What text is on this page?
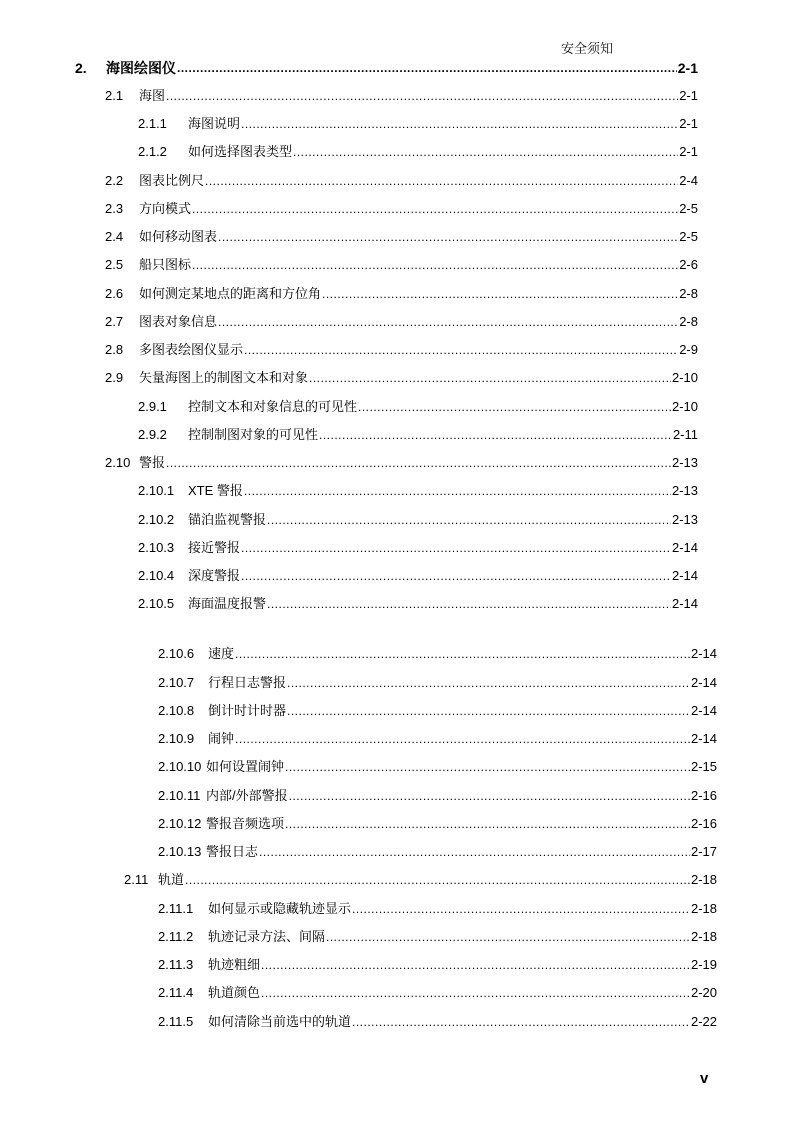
安全须知
2.	海图绘图仪 .....	2-1
2.1	海图 .....	2-1
2.1.1	海图说明 .....	2-1
2.1.2	如何选择图表类型 .....	2-1
2.2	图表比例尺 .....	2-4
2.3	方向模式 .....	2-5
2.4	如何移动图表 .....	2-5
2.5	船只图标 .....	2-6
2.6	如何测定某地点的距离和方位角 .....	2-8
2.7	图表对象信息 .....	2-8
2.8	多图表绘图仪显示 .....	2-9
2.9	矢量海图上的制图文本和对象 .....	2-10
2.9.1	控制文本和对象信息的可见性 .....	2-10
2.9.2	控制制图对象的可见性 .....	2-11
2.10 警报 .....	2-13
2.10.1	XTE 警报 .....	2-13
2.10.2	锚泊监视警报 .....	2-13
2.10.3	接近警报 .....	2-14
2.10.4	深度警报 .....	2-14
2.10.5	海面温度报警 .....	2-14
2.10.6	速度 .....	2-14
2.10.7	行程日志警报 .....	2-14
2.10.8	倒计时计时器 .....	2-14
2.10.9	闹钟 .....	2-14
2.10.10 如何设置闹钟 .....	2-15
2.10.11 内部/外部警报 .....	2-16
2.10.12 警报音频选项 .....	2-16
2.10.13 警报日志 .....	2-17
2.11 轨道 .....	2-18
2.11.1	如何显示或隐藏轨迹显示 .....	2-18
2.11.2	轨迹记录方法、间隔 .....	2-18
2.11.3	轨迹粗细 .....	2-19
2.11.4	轨道颜色 .....	2-20
2.11.5	如何清除当前选中的轨道 .....	2-22
v
